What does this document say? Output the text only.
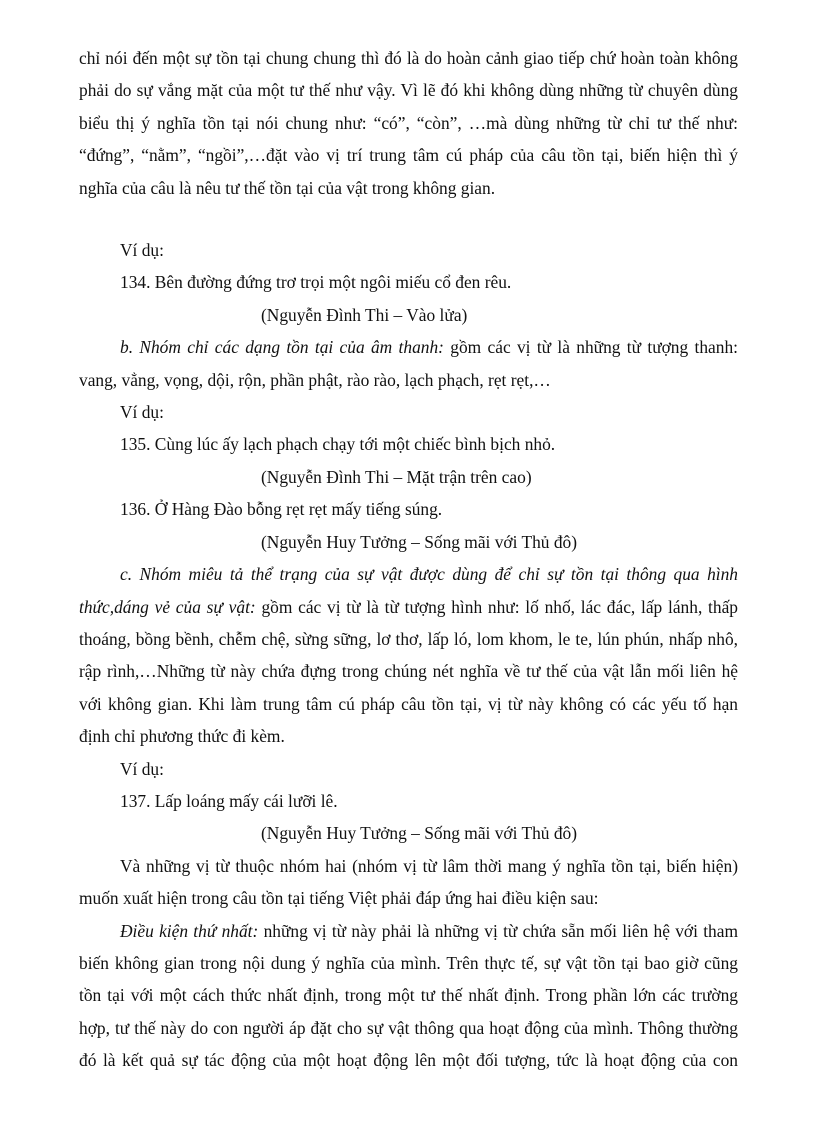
chỉ nói đến một sự tồn tại chung chung thì đó là do hoàn cảnh giao tiếp chứ hoàn toàn không

phải do sự vắng mặt của một tư thế như vậy. Vì lẽ đó khi không dùng những từ chuyên dùng

biểu thị ý nghĩa tồn tại nói chung như: “có”, “còn”, …mà dùng những từ chỉ tư thế như:

“đứng”, “nằm”, “ngồi”,…đặt vào vị trí trung tâm cú pháp của câu tồn tại, biến hiện thì ý

nghĩa của câu là nêu tư thế tồn tại của vật trong không gian.

Ví dụ:

134. Bên đường đứng trơ trọi một ngôi miếu cổ đen rêu.

(Nguyễn Đình Thi – Vào lửa)

b. Nhóm chỉ các dạng tồn tại của âm thanh: gồm các vị từ là những từ tượng thanh:

vang, vẳng, vọng, dội, rộn, phần phật, rào rào, lạch phạch, rẹt rẹt,…

Ví dụ:

135. Cùng lúc ấy lạch phạch chạy tới một chiếc bình bịch nhỏ.

(Nguyễn Đình Thi – Mặt trận trên cao)

136. Ở Hàng Đào bỗng rẹt rẹt mấy tiếng súng.

(Nguyễn Huy Tưởng – Sống mãi với Thủ đô)

c. Nhóm miêu tả thể trạng của sự vật được dùng để chỉ sự tồn tại thông qua hình

thức,dáng vẻ của sự vật: gồm các vị từ là từ tượng hình như: lố nhố, lác đác, lấp lánh, thấp

thoáng, bồng bềnh, chễm chệ, sừng sững, lơ thơ, lấp ló, lom khom, le te, lún phún, nhấp nhô,

rập rình,…Những từ này chứa đựng trong chúng nét nghĩa về tư thế của vật lẫn mối liên hệ

với không gian. Khi làm trung tâm cú pháp câu tồn tại, vị từ này không có các yếu tố hạn

định chỉ phương thức đi kèm.

Ví dụ:

137. Lấp loáng mấy cái lưỡi lê.

(Nguyễn Huy Tưởng – Sống mãi với Thủ đô)

Và những vị từ thuộc nhóm hai (nhóm vị từ lâm thời mang ý nghĩa tồn tại, biến hiện)

muốn xuất hiện trong câu tồn tại tiếng Việt phải đáp ứng hai điều kiện sau:

Điều kiện thứ nhất: những vị từ này phải là những vị từ chứa sẵn mối liên hệ với tham

biến không gian trong nội dung ý nghĩa của mình. Trên thực tế, sự vật tồn tại bao giờ cũng

tồn tại với một cách thức nhất định, trong một tư thế nhất định. Trong phần lớn các trường

hợp, tư thế này do con người áp đặt cho sự vật thông qua hoạt động của mình. Thông thường

đó là kết quả sự tác động của một hoạt động lên một đối tượng, tức là hoạt động của con
